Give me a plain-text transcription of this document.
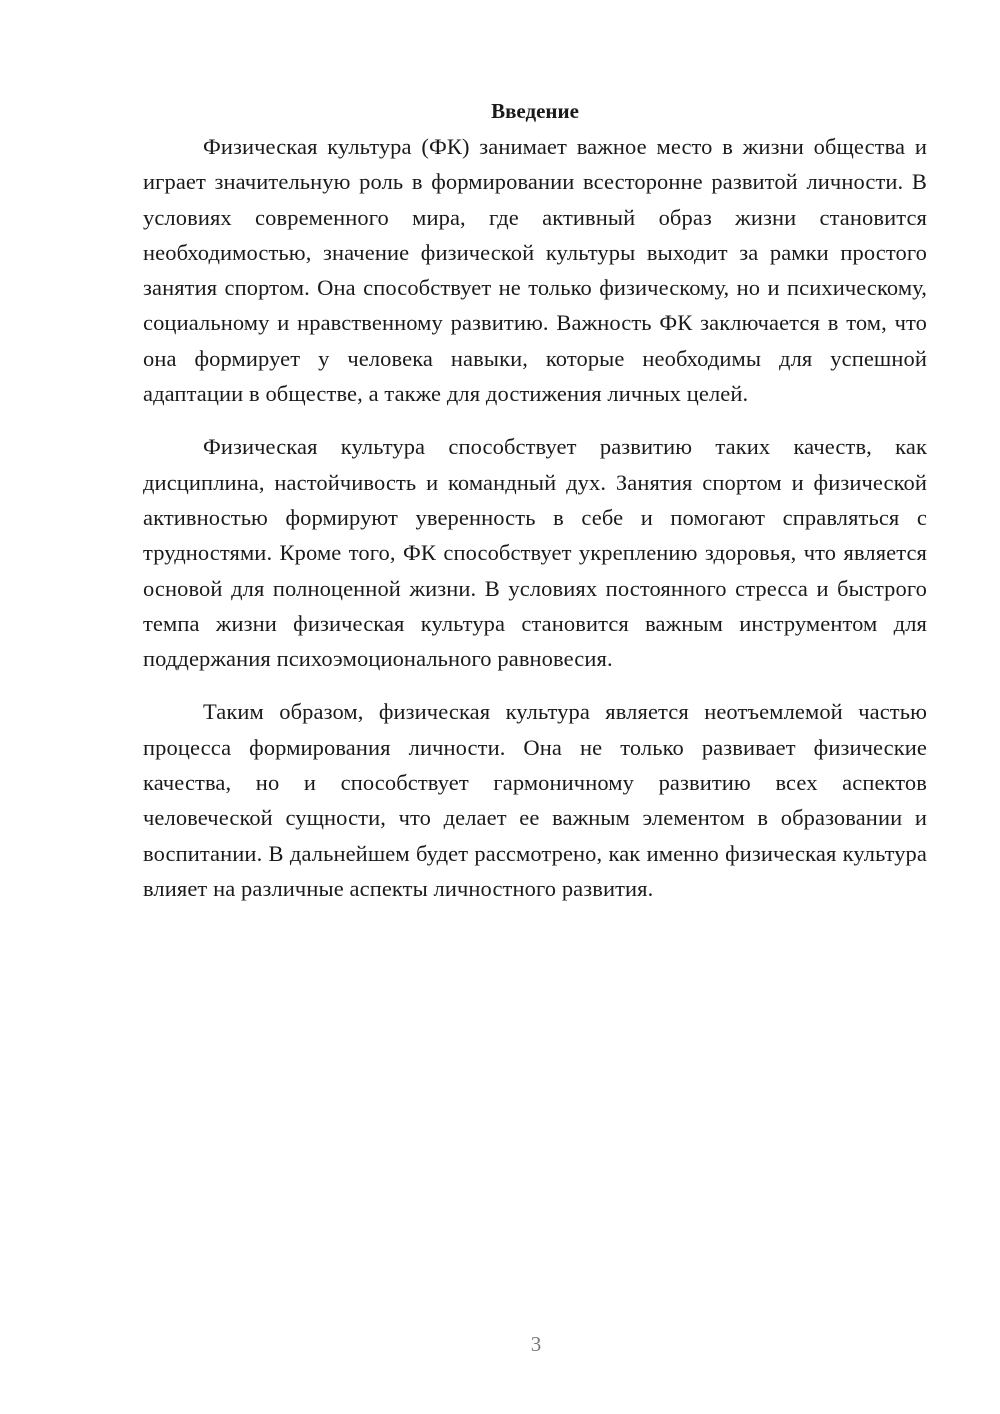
Введение

Физическая культура (ФК) занимает важное место в жизни общества и играет значительную роль в формировании всесторонне развитой личности. В условиях современного мира, где активный образ жизни становится необходимостью, значение физической культуры выходит за рамки простого занятия спортом. Она способствует не только физическому, но и психическому, социальному и нравственному развитию. Важность ФК заключается в том, что она формирует у человека навыки, которые необходимы для успешной адаптации в обществе, а также для достижения личных целей.

Физическая культура способствует развитию таких качеств, как дисциплина, настойчивость и командный дух. Занятия спортом и физической активностью формируют уверенность в себе и помогают справляться с трудностями. Кроме того, ФК способствует укреплению здоровья, что является основой для полноценной жизни. В условиях постоянного стресса и быстрого темпа жизни физическая культура становится важным инструментом для поддержания психоэмоционального равновесия.

Таким образом, физическая культура является неотъемлемой частью процесса формирования личности. Она не только развивает физические качества, но и способствует гармоничному развитию всех аспектов человеческой сущности, что делает ее важным элементом в образовании и воспитании. В дальнейшем будет рассмотрено, как именно физическая культура влияет на различные аспекты личностного развития.

3
